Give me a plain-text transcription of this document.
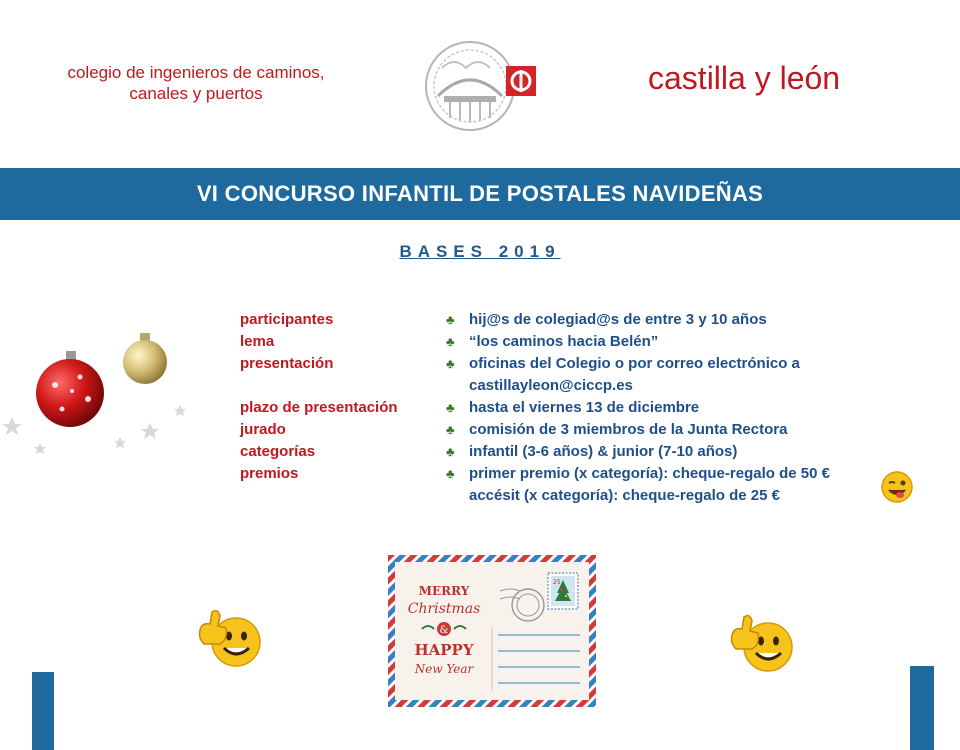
colegio de ingenieros de caminos,
canales y puertos	castilla y león
VI CONCURSO INFANTIL DE POSTALES NAVIDEÑAS
BASES 2019
participantes	♣ hij@s de colegiad@s de entre 3 y 10 años
lema	♣ “los caminos hacia Belén”
presentación	♣ oficinas del Colegio o por correo electrónico a
castillayleon@ciccp.es
plazo de presentación	♣ hasta el viernes 13 de diciembre
jurado	♣ comisión de 3 miembros de la Junta Rectora
categorías	♣ infantil (3-6 años) & junior (7-10 años)
premios	♣ primer premio (x categoría): cheque-regalo de 50 €
accésit (x categoría): cheque-regalo de 25 €
MERRY
Christmas
&
HAPPY
New Year
25
